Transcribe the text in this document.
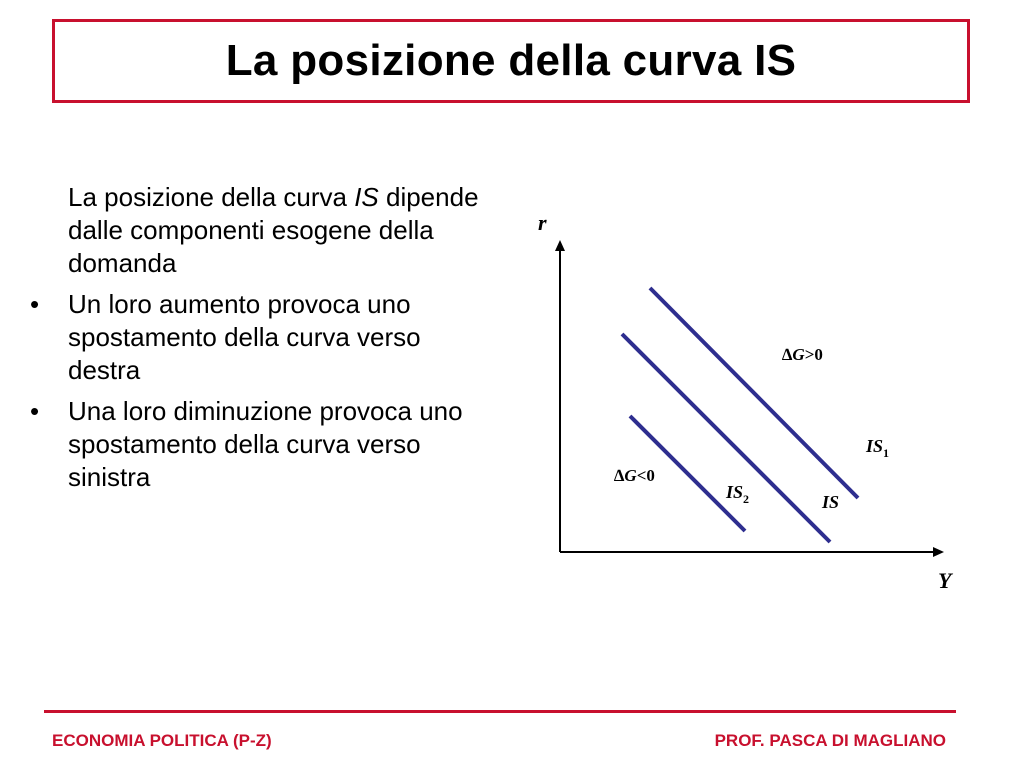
La posizione della curva IS

La posizione della curva IS dipende dalle componenti esogene della domanda

• Un loro aumento provoca uno spostamento della curva verso destra
• Una loro diminuzione provoca uno spostamento della curva verso sinistra
r
Y
$IS_1$
IS
$IS_2$
∆G>0
∆G<0
ECONOMIA POLITICA (P-Z)	PROF. PASCA DI MAGLIANO
